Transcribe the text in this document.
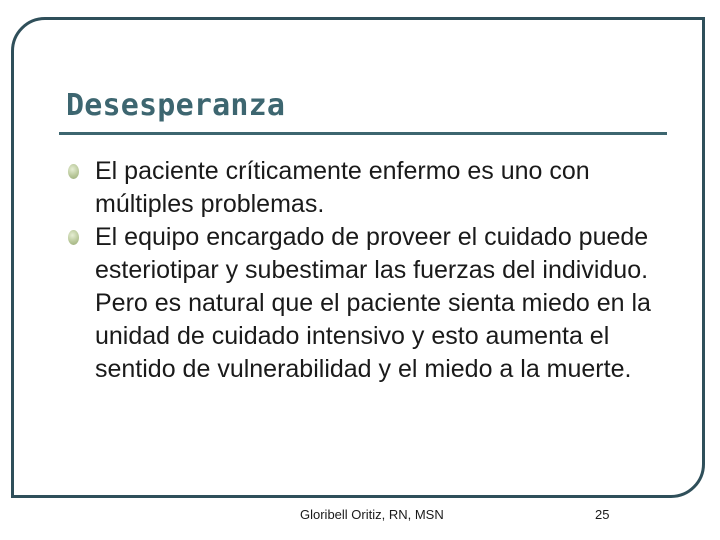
Desesperanza
El paciente críticamente enfermo es uno con múltiples problemas.
El equipo encargado de proveer el cuidado puede esteriotipar y subestimar las fuerzas del individuo. Pero es natural que el paciente sienta miedo en la unidad de cuidado intensivo y esto aumenta el sentido de vulnerabilidad y el miedo a la muerte.
Gloribell Oritiz, RN, MSN	25
